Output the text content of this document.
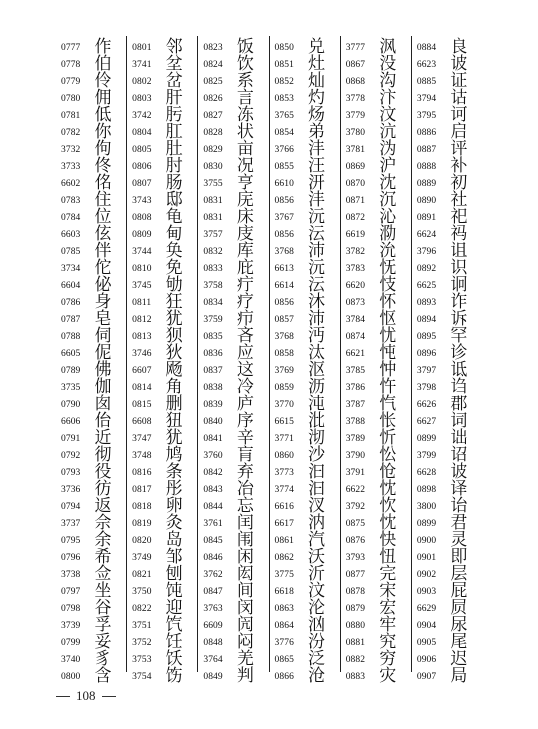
0777 作
0778 伯
0779 伶
0780 佣
0781 低
0782 你
3732 佝
3733 佟
6602 佲
0783 住
0784 位
6603 伭
0785 伴
3734 佗
6604 佖
0786 身
0787 皂
0788 伺
6605 伲
0789 佛
3735 伽
0790 囱
6606 佁
0791 近
0792 彻
0793 役
3736 彷
0794 返
3737 佘
0795 余
0796 希
3738 佥
0797 坐
0798 谷
3739 孚
0799 妥
3740 豸
0800 含
0801 邻
3741 坌
0802 岔
0803 肝
3742 肟
0804 肛
0805 肚
0806 肘
0807 肠
3743 邸
0808 龟
0809 甸
3744 奂
0810 免
3745 劬
0811 狂
0812 犹
0813 狈
3746 狄
6607 飏
0814 角
0815 删
6608 狃
3747 犹
3748 鸠
0816 条
0817 彤
0818 卵
0819 灸
0820 岛
3749 邹
0821 刨
3750 饨
0822 迎
3751 饩
3752 饪
3753 饫
3754 饬
0823 饭
0824 饮
0825 系
0826 言
0827 冻
0828 状
0829 亩
0830 况
3755 亨
0831 庑
0831 床
3757 庋
0832 库
0833 庇
3758 疔
0834 疗
3759 疖
0835 吝
0836 应
0837 这
0838 冷
0839 庐
0840 序
0841 辛
3760 肓
0842 弃
0843 冶
0844 忘
3761 闰
0845 闱
0846 闲
3762 闳
0847 间
3763 闵
6609 闶
0848 闷
3764 羌
0849 判
0850 兑
0851 灶
0852 灿
0853 灼
3765 炀
0854 弟
3766 沣
0855 汪
6610 汧
0856 沣
3767 沅
0856 沄
3768 沛
6613 沅
6614 沄
0856 沐
0857 沛
3768 沔
0858 汰
3769 沤
0859 沥
3770 沌
6615 沘
3771 沏
0860 沙
3773 汩
3774 汩
6616 汊
6617 汭
0861 汽
0862 沃
3775 沂
6618 汶
0863 沦
0864 汹
3776 汾
0865 泛
0866 沧
3777 沨
0867 没
0868 沟
3778 汴
3779 汶
3780 沆
3781 沩
0869 沪
0870 沈
0871 沉
0872 沁
6619 泐
3782 沇
3783 怃
6620 忮
0873 怀
3784 怄
0874 忧
6621 忳
3785 忡
3786 忤
3787 忾
3788 怅
3789 忻
3790 忪
3791 怆
6622 忱
3792 忺
0875 忱
0876 快
3793 忸
0877 完
0878 宋
0879 宏
0880 牢
0881 究
0882 穷
0883 灾
0884 良
6623 诐
0885 证
3794 诂
3795 诃
0886 启
0887 评
0888 补
0889 初
0890 社
0891 祀
6624 祃
3796 诅
0892 识
6625 诇
0893 诈
0894 诉
0895 罕
0896 诊
3797 诋
3798 诌
6626 郡
6627 词
0899 诎
3799 诏
6628 诐
0898 译
3800 诒
0899 君
0900 灵
0901 即
0902 层
0903 屁
6629 屃
0904 尿
0905 尾
0906 迟
0907 局
108
